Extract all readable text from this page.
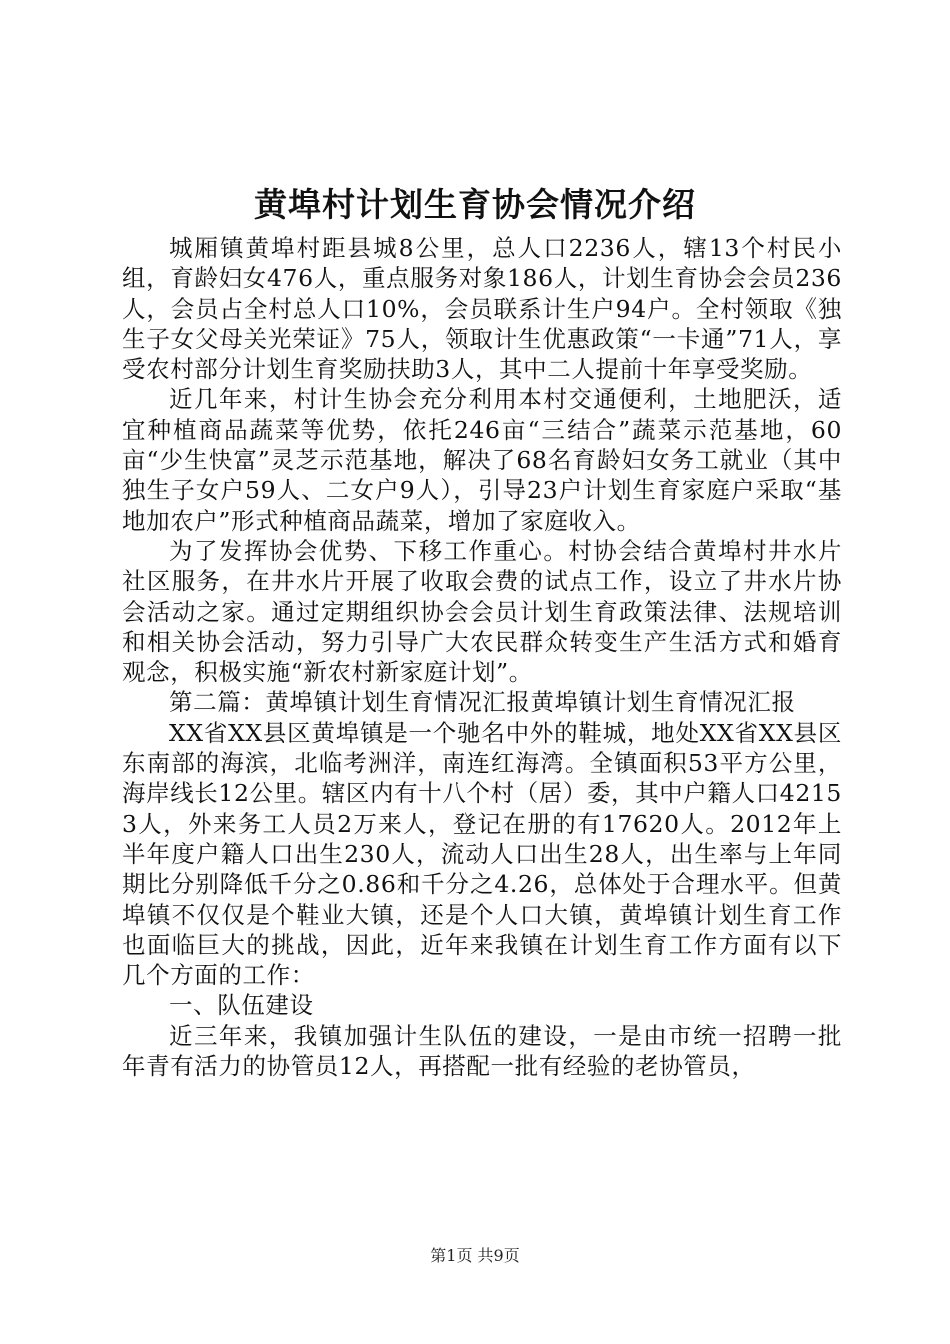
黄埠村计划生育协会情况介绍

城厢镇黄埠村距县城8公里，总人口2236人，辖13个村民小组，育龄妇女476人，重点服务对象186人，计划生育协会会员236人，会员占全村总人口10%，会员联系计生户94户。全村领取《独生子女父母关光荣证》75人，领取计生优惠政策“一卡通”71人，享受农村部分计划生育奖励扶助3人，其中二人提前十年享受奖励。

近几年来，村计生协会充分利用本村交通便利，土地肥沃，适宜种植商品蔬菜等优势，依托246亩“三结合”蔬菜示范基地，60亩“少生快富”灵芝示范基地，解决了68名育龄妇女务工就业（其中独生子女户59人、二女户9人），引导23户计划生育家庭户采取“基地加农户”形式种植商品蔬菜，增加了家庭收入。

为了发挥协会优势、下移工作重心。村协会结合黄埠村井水片社区服务，在井水片开展了收取会费的试点工作，设立了井水片协会活动之家。通过定期组织协会会员计划生育政策法律、法规培训和相关协会活动，努力引导广大农民群众转变生产生活方式和婚育观念，积极实施“新农村新家庭计划”。

第二篇：黄埠镇计划生育情况汇报黄埠镇计划生育情况汇报

XX省XX县区黄埠镇是一个驰名中外的鞋城，地处XX省XX县区东南部的海滨，北临考洲洋，南连红海湾。全镇面积53平方公里，海岸线长12公里。辖区内有十八个村（居）委，其中户籍人口42153人，外来务工人员2万来人，登记在册的有17620人。2012年上半年度户籍人口出生230人，流动人口出生28人，出生率与上年同期比分别降低千分之0.86和千分之4.26，总体处于合理水平。但黄埠镇不仅仅是个鞋业大镇，还是个人口大镇，黄埠镇计划生育工作也面临巨大的挑战，因此，近年来我镇在计划生育工作方面有以下几个方面的工作：

一、队伍建设

近三年来，我镇加强计生队伍的建设，一是由市统一招聘一批年青有活力的协管员12人，再搭配一批有经验的老协管员，

第1页 共9页
